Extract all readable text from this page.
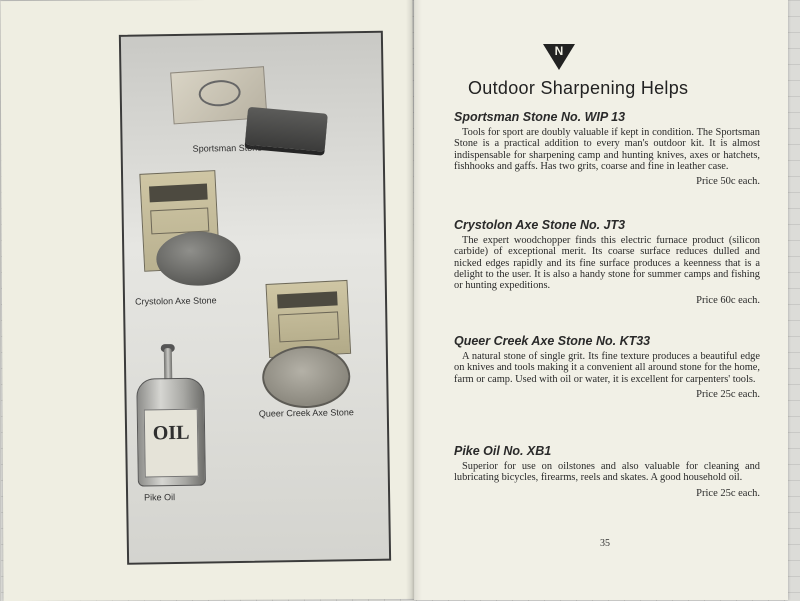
Sportsman Stone
Crystolon Axe Stone
Queer Creek Axe Stone
OIL
Pike Oil
N
Outdoor Sharpening Helps

Sportsman Stone No. WIP 13

Tools for sport are doubly valuable if kept in condition. The Sportsman Stone is a practical addition to every man's outdoor kit. It is almost indispensable for sharpening camp and hunting knives, axes or hatchets, fishhooks and gaffs. Has two grits, coarse and fine in leather case.

Price 50c each.

Crystolon Axe Stone No. JT3

The expert woodchopper finds this electric furnace product (silicon carbide) of exceptional merit. Its coarse surface reduces dulled and nicked edges rapidly and its fine surface produces a keenness that is a delight to the user. It is also a handy stone for summer camps and fishing or hunting expeditions.

Price 60c each.

Queer Creek Axe Stone No. KT33

A natural stone of single grit. Its fine texture produces a beautiful edge on knives and tools making it a convenient all around stone for the home, farm or camp. Used with oil or water, it is excellent for carpenters' tools.

Price 25c each.

Pike Oil No. XB1

Superior for use on oilstones and also valuable for cleaning and lubricating bicycles, firearms, reels and skates. A good household oil.

Price 25c each.

35
